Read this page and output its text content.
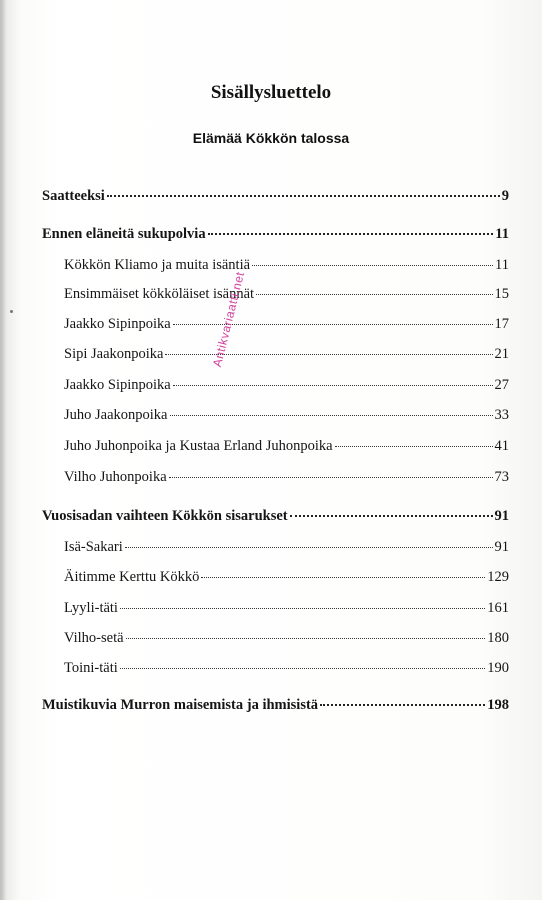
Sisällysluettelo
Elämää Kökkön talossa
Saatteeksi	9
Ennen eläneitä sukupolvia	11
Kökkön Kliamo ja muita isäntiä	11
Ensimmäiset kökköläiset isännät	15
Jaakko Sipinpoika	17
Sipi Jaakonpoika	21
Jaakko Sipinpoika	27
Juho Jaakonpoika	33
Juho Juhonpoika ja Kustaa Erland Juhonpoika	41
Vilho Juhonpoika	73
Vuosisadan vaihteen Kökkön sisarukset	91
Isä-Sakari	91
Äitimme Kerttu Kökkö	129
Lyyli-täti	161
Vilho-setä	180
Toini-täti	190
Muistikuvia Murron maisemista ja ihmisistä	198
Antikvariaatti.net
